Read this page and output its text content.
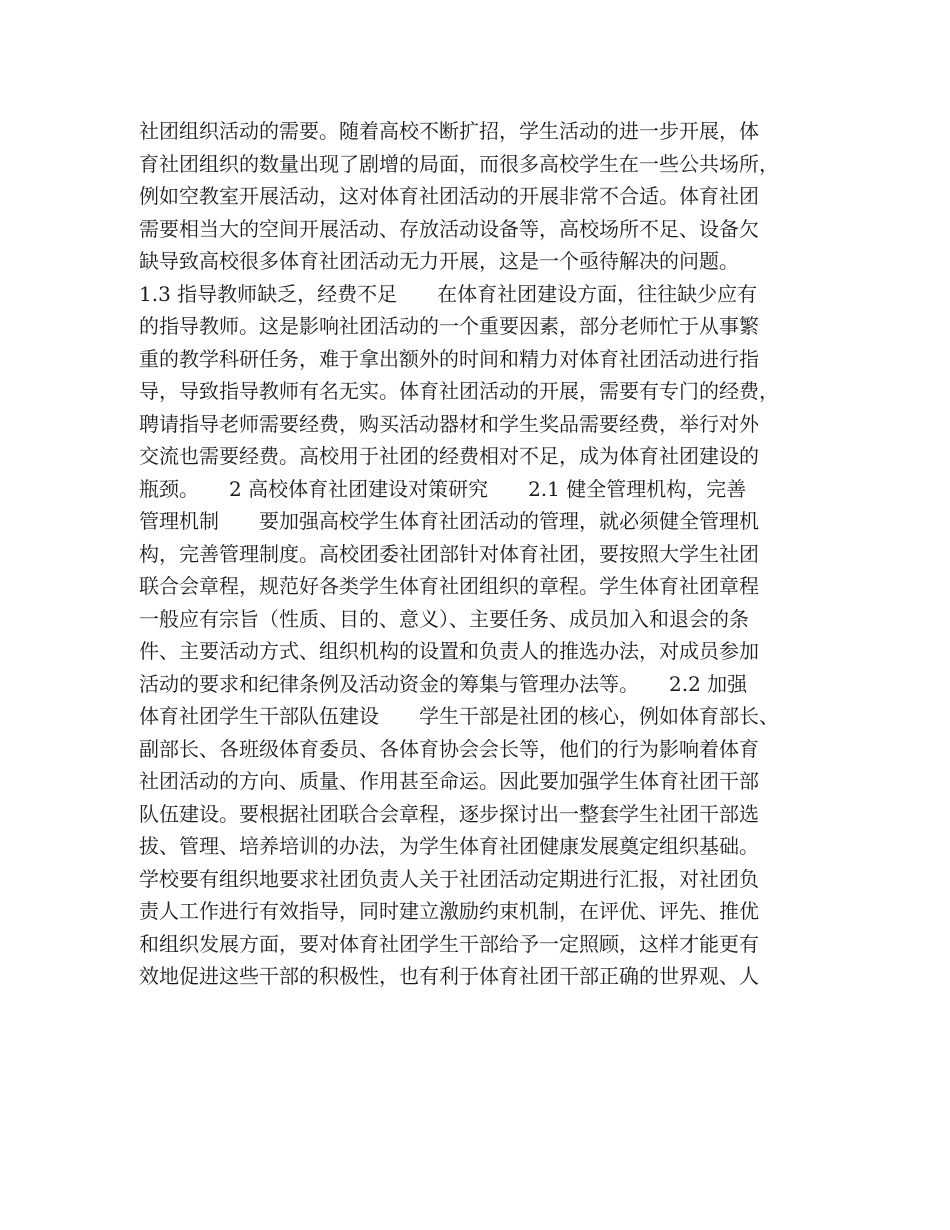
社团组织活动的需要。随着高校不断扩招，学生活动的进一步开展，体
育社团组织的数量出现了剧增的局面，而很多高校学生在一些公共场所，
例如空教室开展活动，这对体育社团活动的开展非常不合适。体育社团
需要相当大的空间开展活动、存放活动设备等，高校场所不足、设备欠
缺导致高校很多体育社团活动无力开展，这是一个亟待解决的问题。
1.3 指导教师缺乏，经费不足　　在体育社团建设方面，往往缺少应有
的指导教师。这是影响社团活动的一个重要因素，部分老师忙于从事繁
重的教学科研任务，难于拿出额外的时间和精力对体育社团活动进行指
导，导致指导教师有名无实。体育社团活动的开展，需要有专门的经费，
聘请指导老师需要经费，购买活动器材和学生奖品需要经费，举行对外
交流也需要经费。高校用于社团的经费相对不足，成为体育社团建设的
瓶颈。　　2 高校体育社团建设对策研究　　2.1 健全管理机构，完善
管理机制　　要加强高校学生体育社团活动的管理，就必须健全管理机
构，完善管理制度。高校团委社团部针对体育社团，要按照大学生社团
联合会章程，规范好各类学生体育社团组织的章程。学生体育社团章程
一般应有宗旨（性质、目的、意义）、主要任务、成员加入和退会的条
件、主要活动方式、组织机构的设置和负责人的推选办法，对成员参加
活动的要求和纪律条例及活动资金的筹集与管理办法等。　　2.2 加强
体育社团学生干部队伍建设　　学生干部是社团的核心，例如体育部长、
副部长、各班级体育委员、各体育协会会长等，他们的行为影响着体育
社团活动的方向、质量、作用甚至命运。因此要加强学生体育社团干部
队伍建设。要根据社团联合会章程，逐步探讨出一整套学生社团干部选
拔、管理、培养培训的办法，为学生体育社团健康发展奠定组织基础。
学校要有组织地要求社团负责人关于社团活动定期进行汇报，对社团负
责人工作进行有效指导，同时建立激励约束机制，在评优、评先、推优
和组织发展方面，要对体育社团学生干部给予一定照顾，这样才能更有
效地促进这些干部的积极性，也有利于体育社团干部正确的世界观、人
